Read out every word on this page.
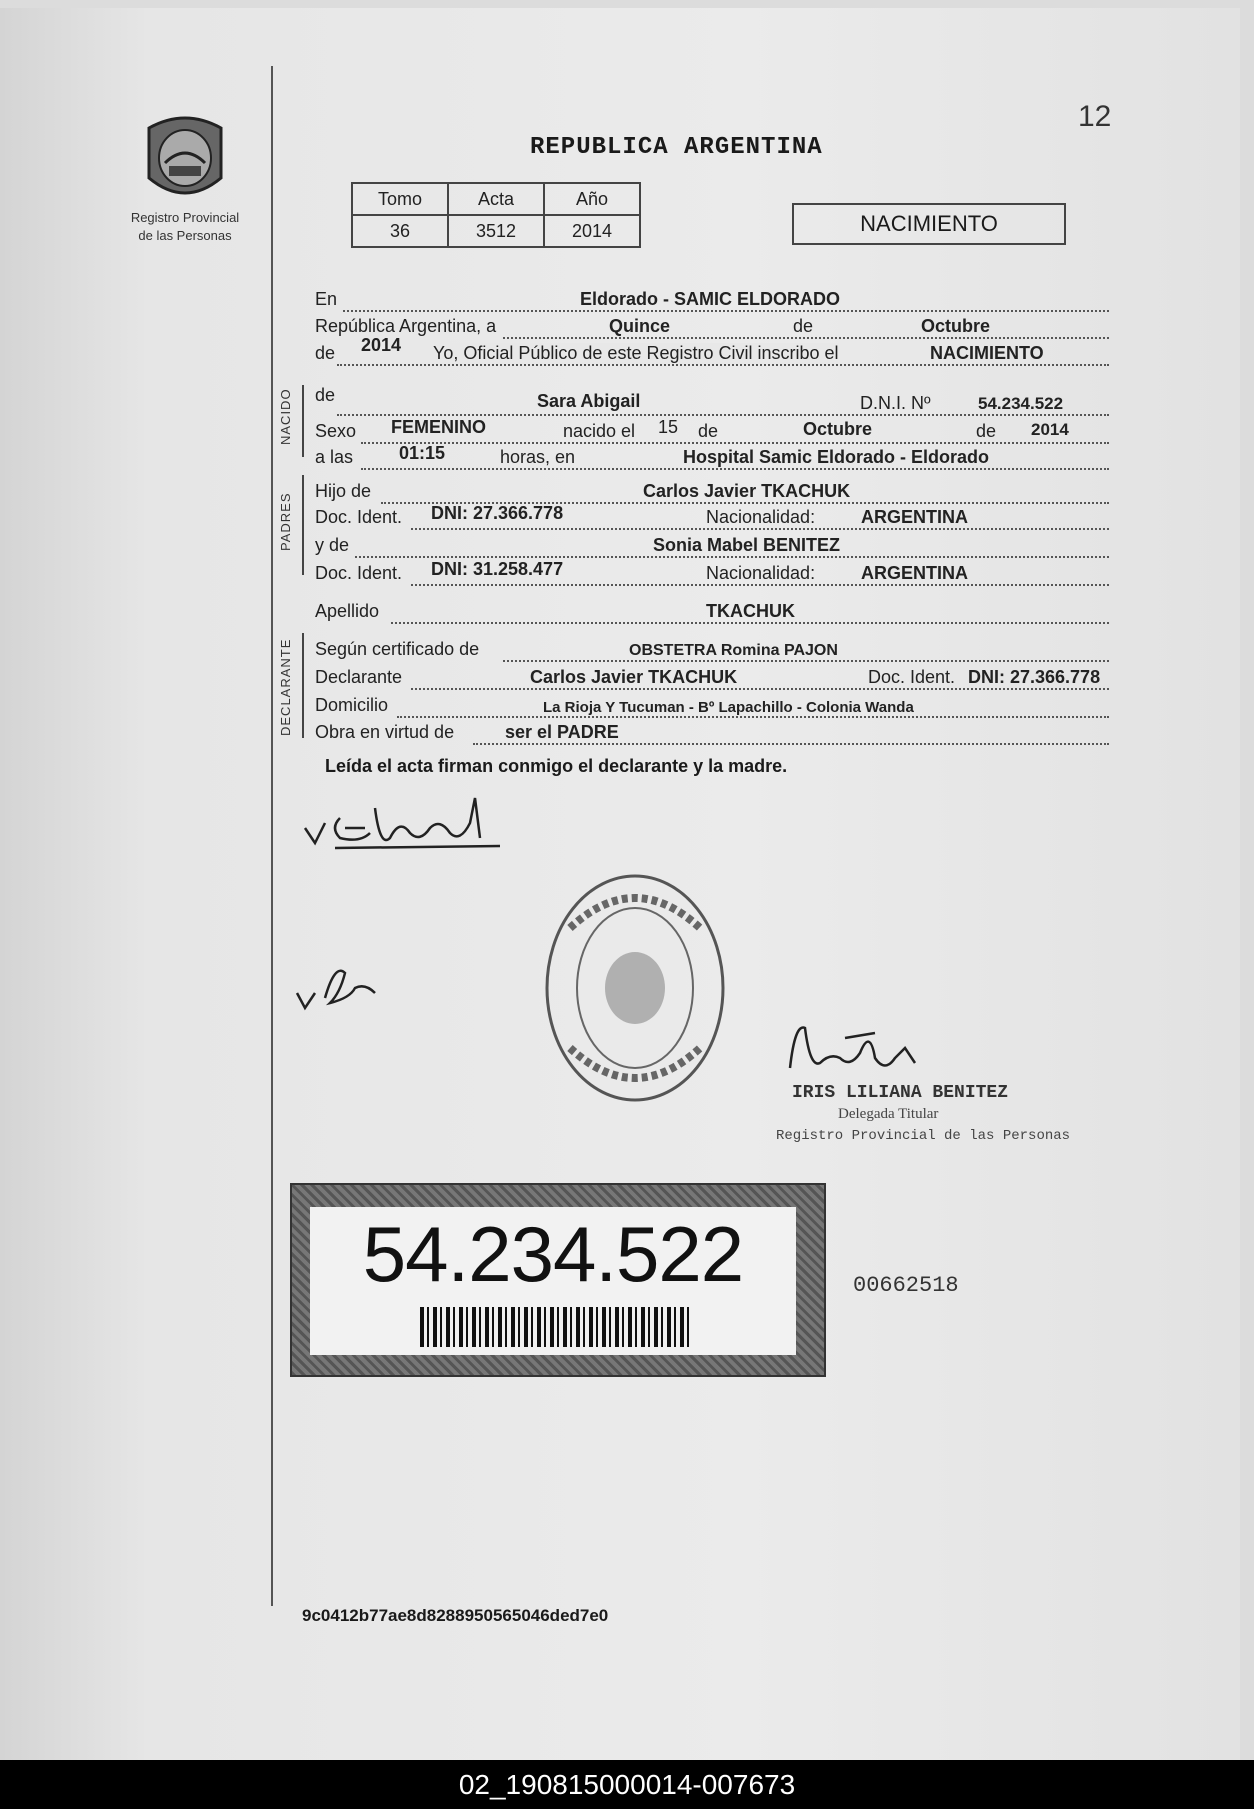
Registro Provincial
de las Personas
12
REPUBLICA ARGENTINA
Tomo	Acta	Año
36	3512	2014	NACIMIENTO
NACIDO
PADRES
DECLARANTE
En	Eldorado - SAMIC ELDORADO
República Argentina, a	Quince	de	Octubre
de 2014 Yo, Oficial Público de este Registro Civil inscribo el	NACIMIENTO
de	Sara Abigail	D.N.I. Nº	54.234.522
Sexo FEMENINO	nacido el 15 de	Octubre	de 2014
a las	01:15	horas, en	Hospital Samic Eldorado - Eldorado
Hijo de	Carlos Javier TKACHUK
Doc. Ident. DNI: 27.366.778	Nacionalidad:	ARGENTINA
y de	Sonia Mabel BENITEZ
Doc. Ident. DNI: 31.258.477	Nacionalidad:	ARGENTINA
Apellido	TKACHUK
Según certificado de	OBSTETRA Romina PAJON
Declarante	Carlos Javier TKACHUK	Doc. Ident. DNI: 27.366.778
Domicilio	La Rioja Y Tucuman - Bº Lapachillo - Colonia Wanda
Obra en virtud de	ser el PADRE
Leída el acta firman conmigo el declarante y la madre.
IRIS LILIANA BENITEZ
Delegada Titular
Registro Provincial de las Personas
54.234.522	00662518
9c0412b77ae8d8288950565046ded7e0
02_190815000014-007673
